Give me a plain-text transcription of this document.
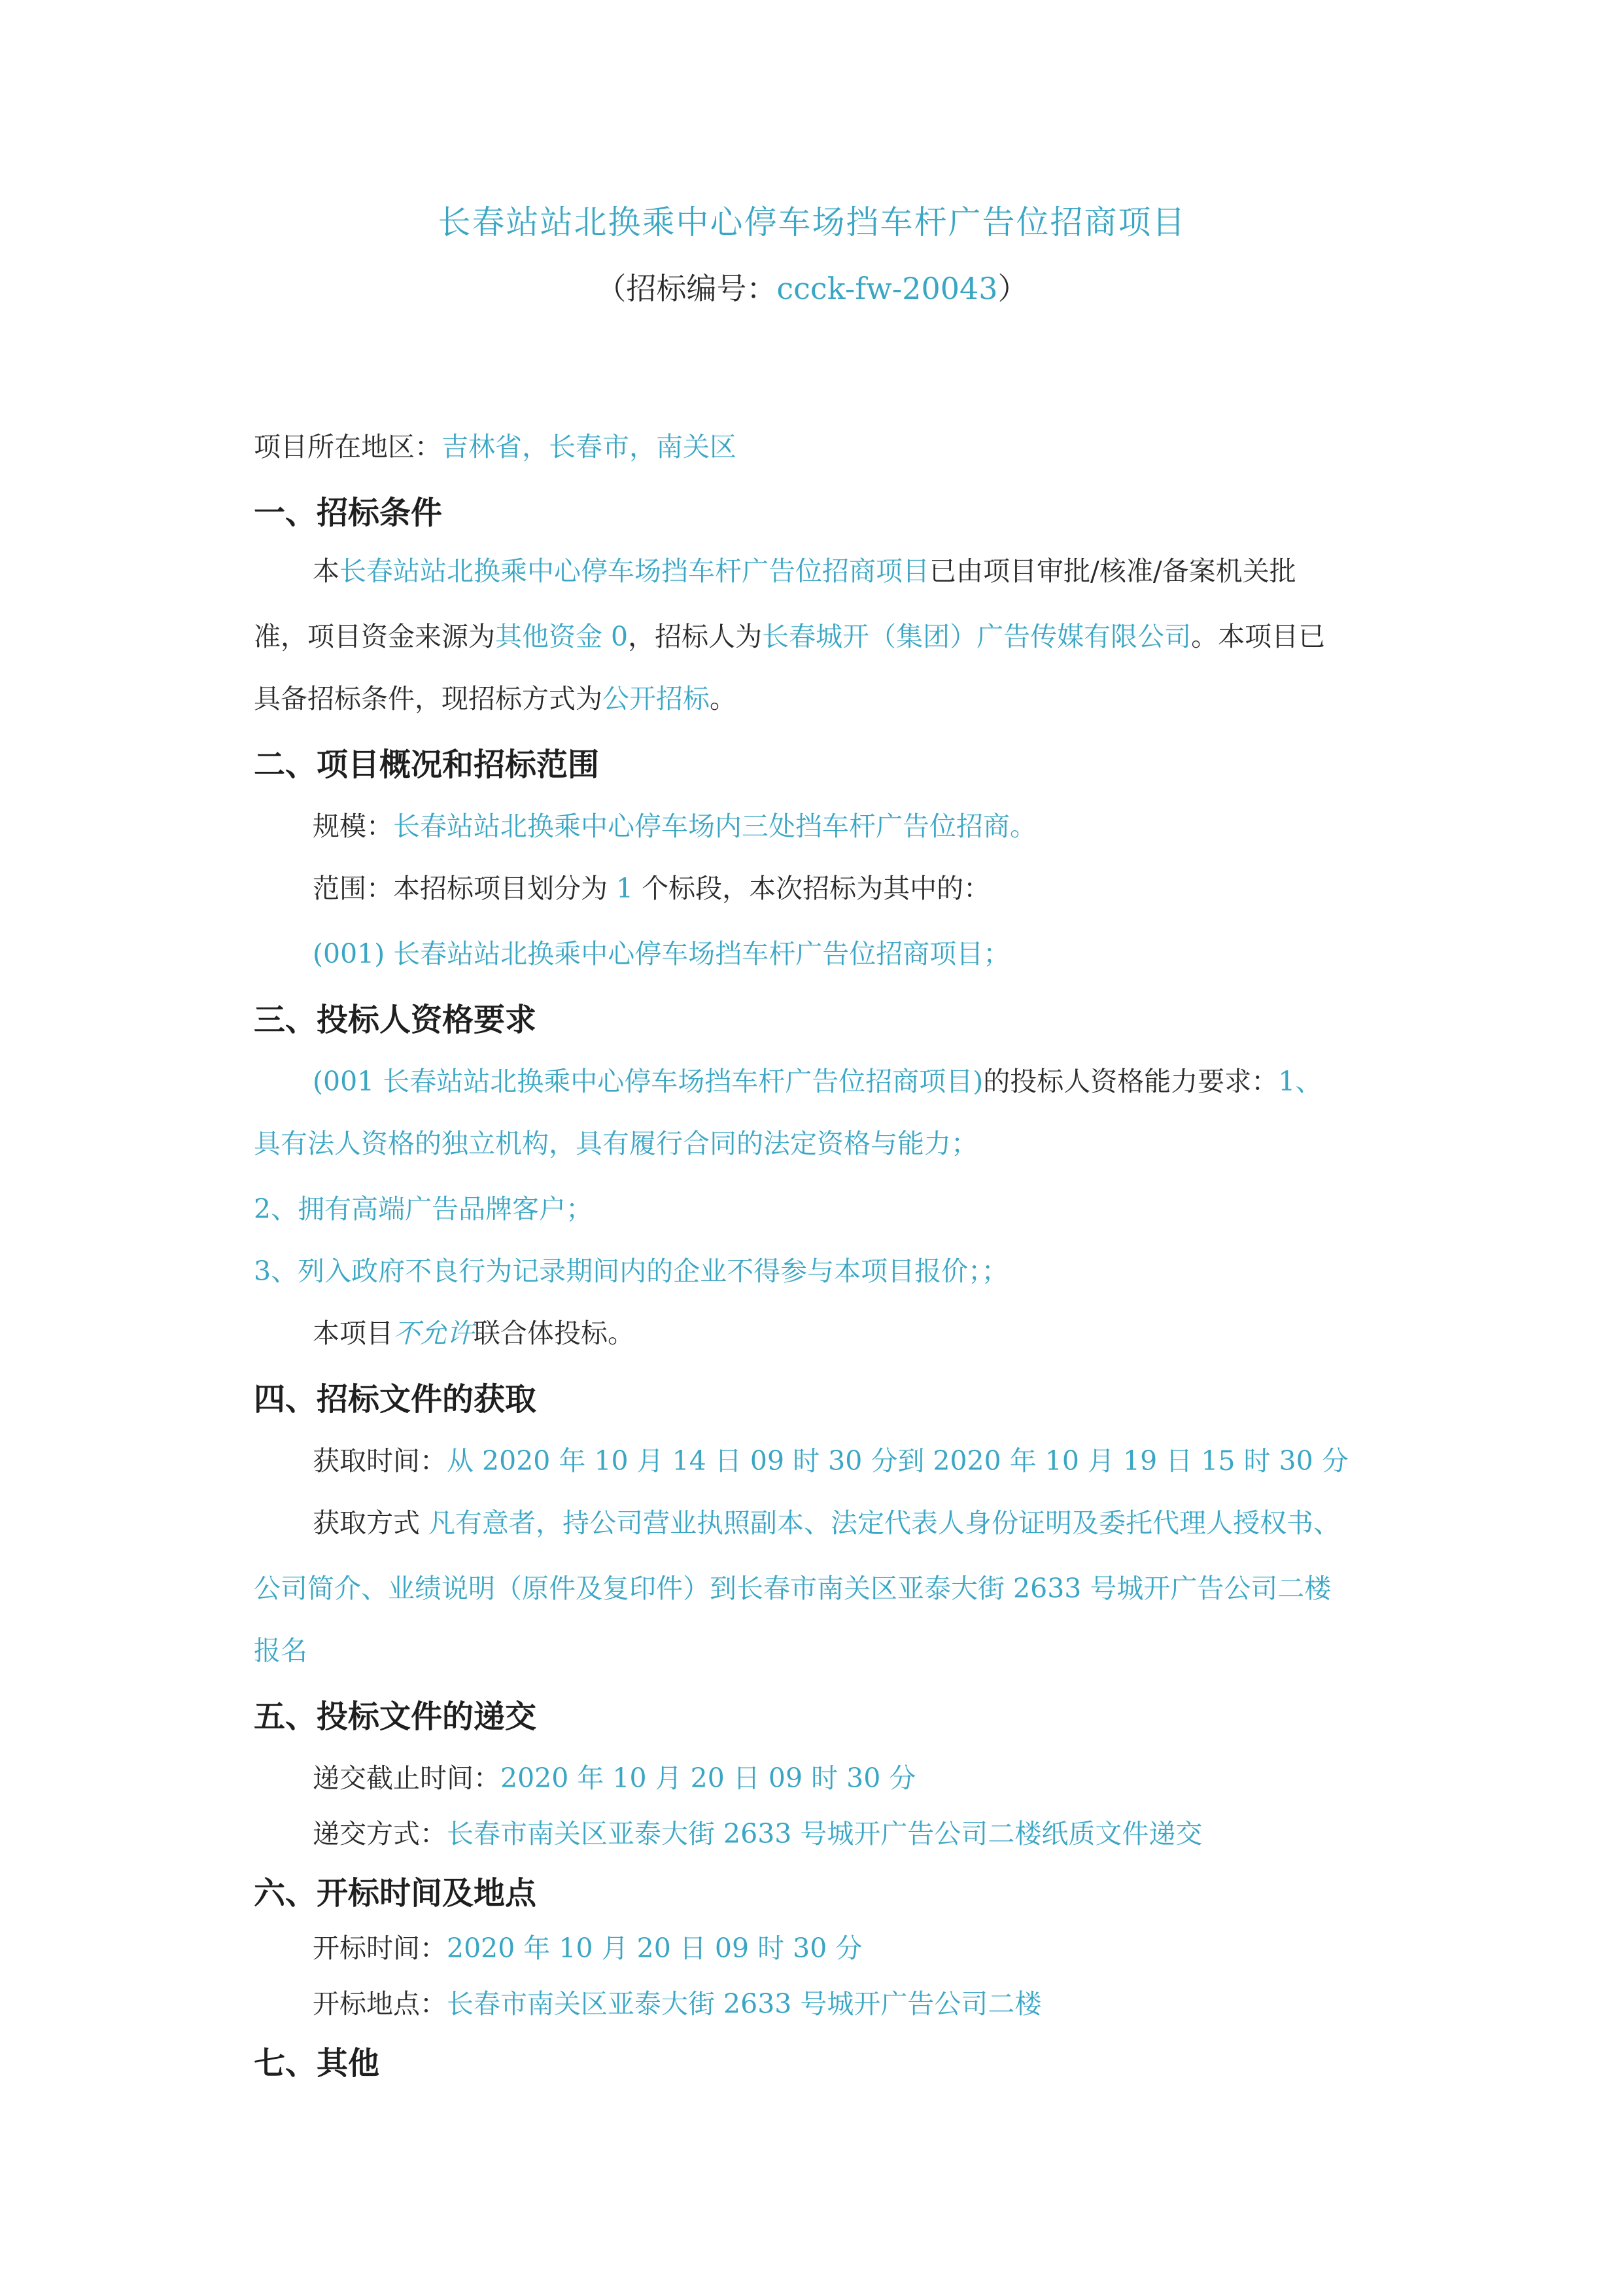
长春站站北换乘中心停车场挡车杆广告位招商项目
（招标编号：ccck-fw-20043）
项目所在地区：吉林省，长春市，南关区
一、招标条件
本长春站站北换乘中心停车场挡车杆广告位招商项目已由项目审批/核准/备案机关批
准，项目资金来源为其他资金 0，招标人为长春城开（集团）广告传媒有限公司。本项目已
具备招标条件，现招标方式为公开招标。
二、项目概况和招标范围
规模：长春站站北换乘中心停车场内三处挡车杆广告位招商。
范围：本招标项目划分为 1 个标段，本次招标为其中的：
(001) 长春站站北换乘中心停车场挡车杆广告位招商项目；
三、投标人资格要求
(001 长春站站北换乘中心停车场挡车杆广告位招商项目)的投标人资格能力要求：1、
具有法人资格的独立机构，具有履行合同的法定资格与能力；
2、拥有高端广告品牌客户；
3、列入政府不良行为记录期间内的企业不得参与本项目报价；；
本项目不允许联合体投标。
四、招标文件的获取
获取时间：从 2020 年 10 月 14 日 09 时 30 分到 2020 年 10 月 19 日 15 时 30 分
获取方式 凡有意者，持公司营业执照副本、法定代表人身份证明及委托代理人授权书、
公司简介、业绩说明（原件及复印件）到长春市南关区亚泰大街 2633 号城开广告公司二楼
报名
五、投标文件的递交
递交截止时间：2020 年 10 月 20 日 09 时 30 分
递交方式：长春市南关区亚泰大街 2633 号城开广告公司二楼纸质文件递交
六、开标时间及地点
开标时间：2020 年 10 月 20 日 09 时 30 分
开标地点：长春市南关区亚泰大街 2633 号城开广告公司二楼
七、其他
